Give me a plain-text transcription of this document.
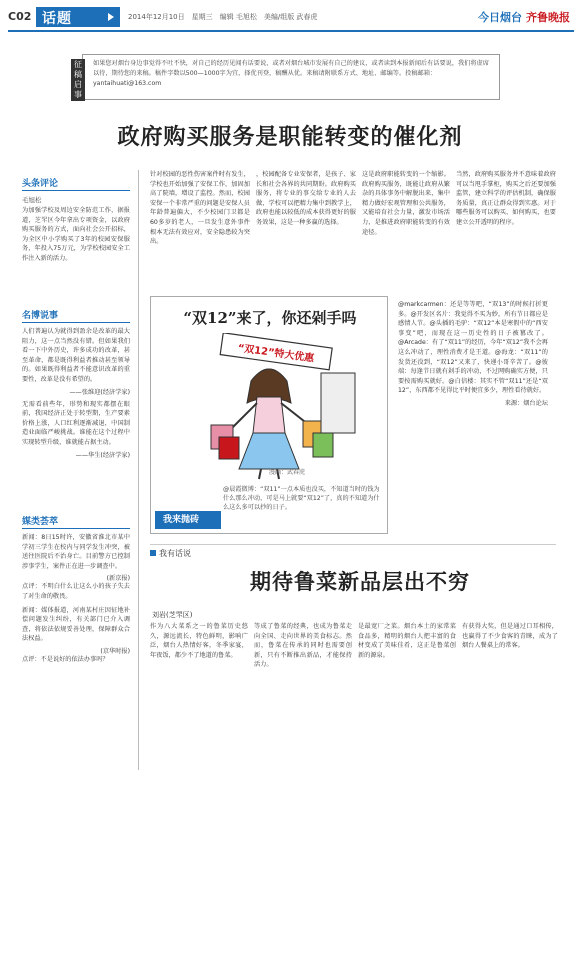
C02 话题	2014年12月10日　星期三　编辑 毛旭松　美编/组版 武春虎	今日烟台 齐鲁晚报
征稿启事
如果您对烟台身边事觉得不吐不快，对自己的经历见闻有话要说，或者对烟台城市发展有自己的建议，或者读到本报新闻后有话要说，我们将虚席以待，期待您的来稿。稿件字数以500—1000字为宜，择优刊登，稿酬从优。来稿请附联系方式、地址、邮编等。投稿邮箱：yantaihuati@163.com
政府购买服务是职能转变的催化剂
头条评论
毛旭松
为加强学校及周边安全防范工作，据报道，芝罘区今年拿出专项资金，以政府购买服务的方式，面向社会公开招标，为全区中小学购买了3年的校园安保服务，年投入75万元，为学校校园安全工作注入新的活力。
名博说事
人们普遍认为就得到盈余是改革的最大阻力，这一点当然没有错。但如果我们看一下中外历史，许多成功的改革，甚至革命，都是既得利益者推动甚至领导的。如果既得利益者不能意识改革的重要性，改革是没有希望的。
——张维迎(经济学家)
无需看前些年，形势和现实都摆在眼前，我国经济正处于转型期，生产要素价格上涨，人口红利逐渐减退，中国制造业面临严峻挑战。谁能在这个过程中实现转型升级，谁就能占据主动。
——华生(经济学家)
媒类荟萃
新闻：8日15时许，安徽省淮北市某中学初三学生在校内与同学发生冲突，被送往医院后不治身亡。目前警方已控制涉事学生，案件正在进一步调查中。
(新京报)
点评：不明白什么让这么小的孩子失去了对生命的敬畏。
新闻：媒体报道，河南某村庄因征地补偿问题发生纠纷，有关部门已介入调查，将依法依规妥善处理，保障群众合法权益。
(京华时报)
点评：不是说好的依法办事吗？
针对校园的恶性伤害案件时有发生，学校也开始加强了安保工作，加固加高了院墙，增设了监控。然而，校园安保一个非常严重的问题是安保人员年龄普遍偏大，不少校园门卫都是60多岁的老人，一旦发生意外事件根本无法有效应对，安全隐患较为突出。
，校园配备专业安保者，是孩子、家长和社会各界的共同期盼。政府购买服务，将专业的事交给专业的人去做，学校可以把精力集中到教学上，政府也能以较低的成本获得更好的服务效果，这是一种多赢的选择。
这是政府职能转变的一个缩影。政府购买服务，既能让政府从繁杂的具体事务中解脱出来，集中精力做好宏观管理和公共服务，又能培育社会力量，激发市场活力，是推进政府职能转变的有效途径。
当然，政府购买服务并不意味着政府可以当甩手掌柜，购买之后还要加强监管，建立科学的评估机制，确保服务质量，真正让群众得到实惠。对于哪些服务可以购买、如何购买，也要建立公开透明的程序。
“双12”来了，你还剁手吗
“双12”特大优惠
漫画：武春虎
@晨霞微博：“双11”一点本质也没买，不知道当时的钱为什么那么冲动，可是马上就要“双12”了，真的不知道为什么这么多可以抄的日子。
我来抛砖
@markcarmen：还是等等吧，“双13”的时候打折更多。@开发区名片：我觉得不买为妙，所有节日都应是感情人节。@头插的毛驴：“双12”本是寒假中的“西安事变”吧，而现在这一历史性的日子被篡改了。@Arcade：有了“双11”的经历，今年“双12”我不会再这么冲动了，理性消费才是王道。@海龙：“双11”的发货还没到，“双12”又来了，快递小哥辛苦了。@彼端：每逢节日就有剁手的冲动，不过网购确实方便，只要按需购买就好。@白信楼：其实不管“双11”还是“双12”，东西都不见得比平时便宜多少，理性看待就好。
来源：烟台论坛
我有话说
期待鲁菜新品层出不穷
刘岩(芝罘区)
作为八大菜系之一的鲁菜历史悠久，源远流长，特色鲜明，影响广泛，烟台人热情好客，冬季家宴，年夜饭，都少不了地道的鲁菜。
等成了鲁菜的经典，也成为鲁菜走向全国、走向世界的美食标志。然而，鲁菜在传承的同时也需要创新，只有不断推出新品，才能保持活力。
是最宽厂之菜。烟台本土的家常菜食品多，精明的烟台人把丰富的食材变成了美味佳肴，这正是鲁菜创新的源泉。
有获得大奖，但是通过口耳相传，也赢得了不少食客的青睐，成为了烟台人餐桌上的常客。
